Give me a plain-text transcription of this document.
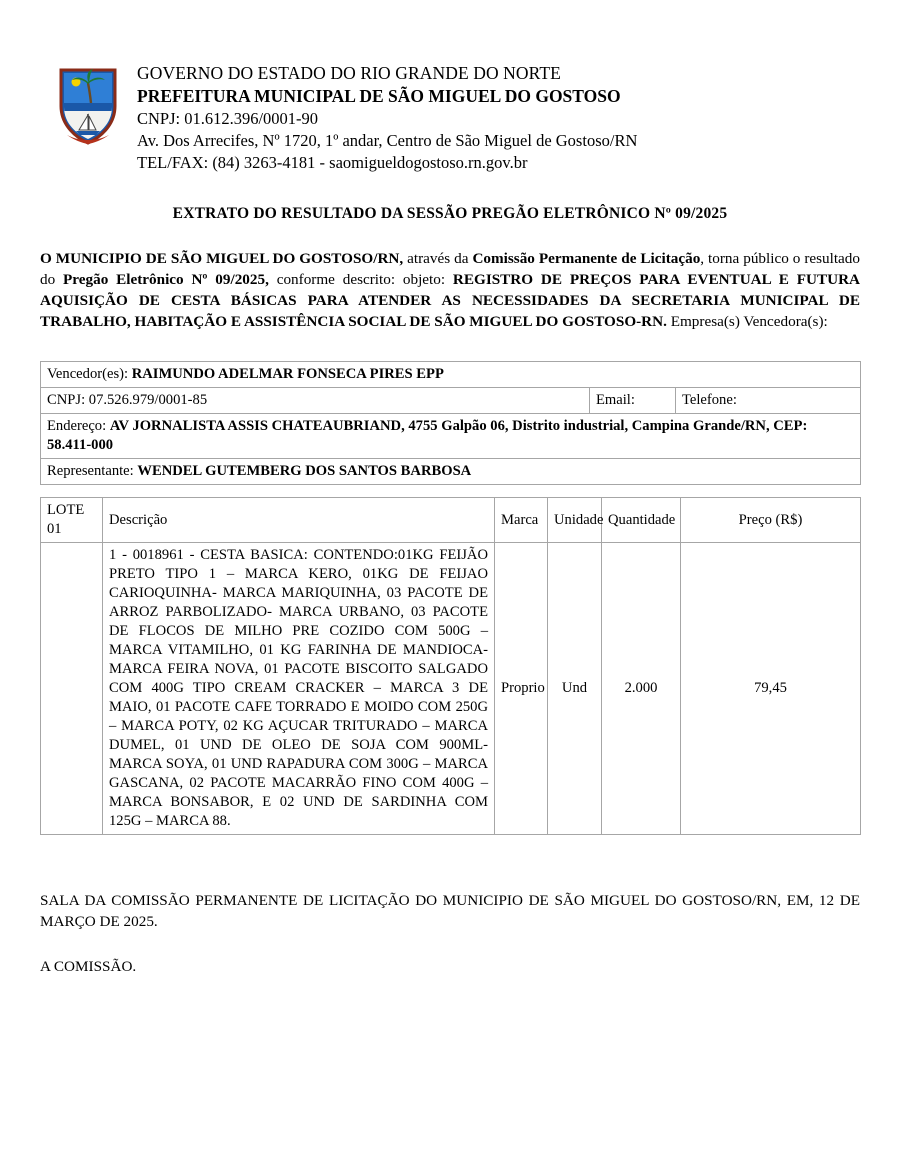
GOVERNO DO ESTADO DO RIO GRANDE DO NORTE
PREFEITURA MUNICIPAL DE SÃO MIGUEL DO GOSTOSO
CNPJ: 01.612.396/0001-90
Av. Dos Arrecifes, Nº 1720, 1º andar, Centro de São Miguel de Gostoso/RN
TEL/FAX: (84) 3263-4181 - saomigueldogostoso.rn.gov.br
EXTRATO DO RESULTADO DA SESSÃO PREGÃO ELETRÔNICO Nº 09/2025
O MUNICIPIO DE SÃO MIGUEL DO GOSTOSO/RN, através da Comissão Permanente de Licitação, torna público o resultado do Pregão Eletrônico Nº 09/2025, conforme descrito: objeto: REGISTRO DE PREÇOS PARA EVENTUAL E FUTURA AQUISIÇÃO DE CESTA BÁSICAS PARA ATENDER AS NECESSIDADES DA SECRETARIA MUNICIPAL DE TRABALHO, HABITAÇÃO E ASSISTÊNCIA SOCIAL DE SÃO MIGUEL DO GOSTOSO-RN. Empresa(s) Vencedora(s):
Vencedor(es): RAIMUNDO ADELMAR FONSECA PIRES EPP
CNPJ: 07.526.979/0001-85	Email:	Telefone:
Endereço: AV JORNALISTA ASSIS CHATEAUBRIAND, 4755 Galpão 06, Distrito industrial, Campina Grande/RN, CEP: 58.411-000
Representante: WENDEL GUTEMBERG DOS SANTOS BARBOSA
LOTE 01	Descrição	Marca	Unidade	Quantidade	Preço (R$)
	1 - 0018961 - CESTA BASICA: CONTENDO:01KG FEIJÃO PRETO TIPO 1 – MARCA KERO, 01KG DE FEIJAO CARIOQUINHA- MARCA MARIQUINHA, 03 PACOTE DE ARROZ PARBOLIZADO- MARCA URBANO, 03 PACOTE DE FLOCOS DE MILHO PRE COZIDO COM 500G – MARCA VITAMILHO, 01 KG FARINHA DE MANDIOCA- MARCA FEIRA NOVA, 01 PACOTE BISCOITO SALGADO COM 400G TIPO CREAM CRACKER – MARCA 3 DE MAIO, 01 PACOTE CAFE TORRADO E MOIDO COM 250G – MARCA POTY, 02 KG AÇUCAR TRITURADO – MARCA DUMEL, 01 UND DE OLEO DE SOJA COM 900ML- MARCA SOYA, 01 UND RAPADURA COM 300G – MARCA GASCANA, 02 PACOTE MACARRÃO FINO COM 400G – MARCA BONSABOR, E 02 UND DE SARDINHA COM 125G – MARCA 88.	Proprio	Und	2.000	79,45
SALA DA COMISSÃO PERMANENTE DE LICITAÇÃO DO MUNICIPIO DE SÃO MIGUEL DO GOSTOSO/RN, EM, 12 DE MARÇO DE 2025.
A COMISSÃO.
